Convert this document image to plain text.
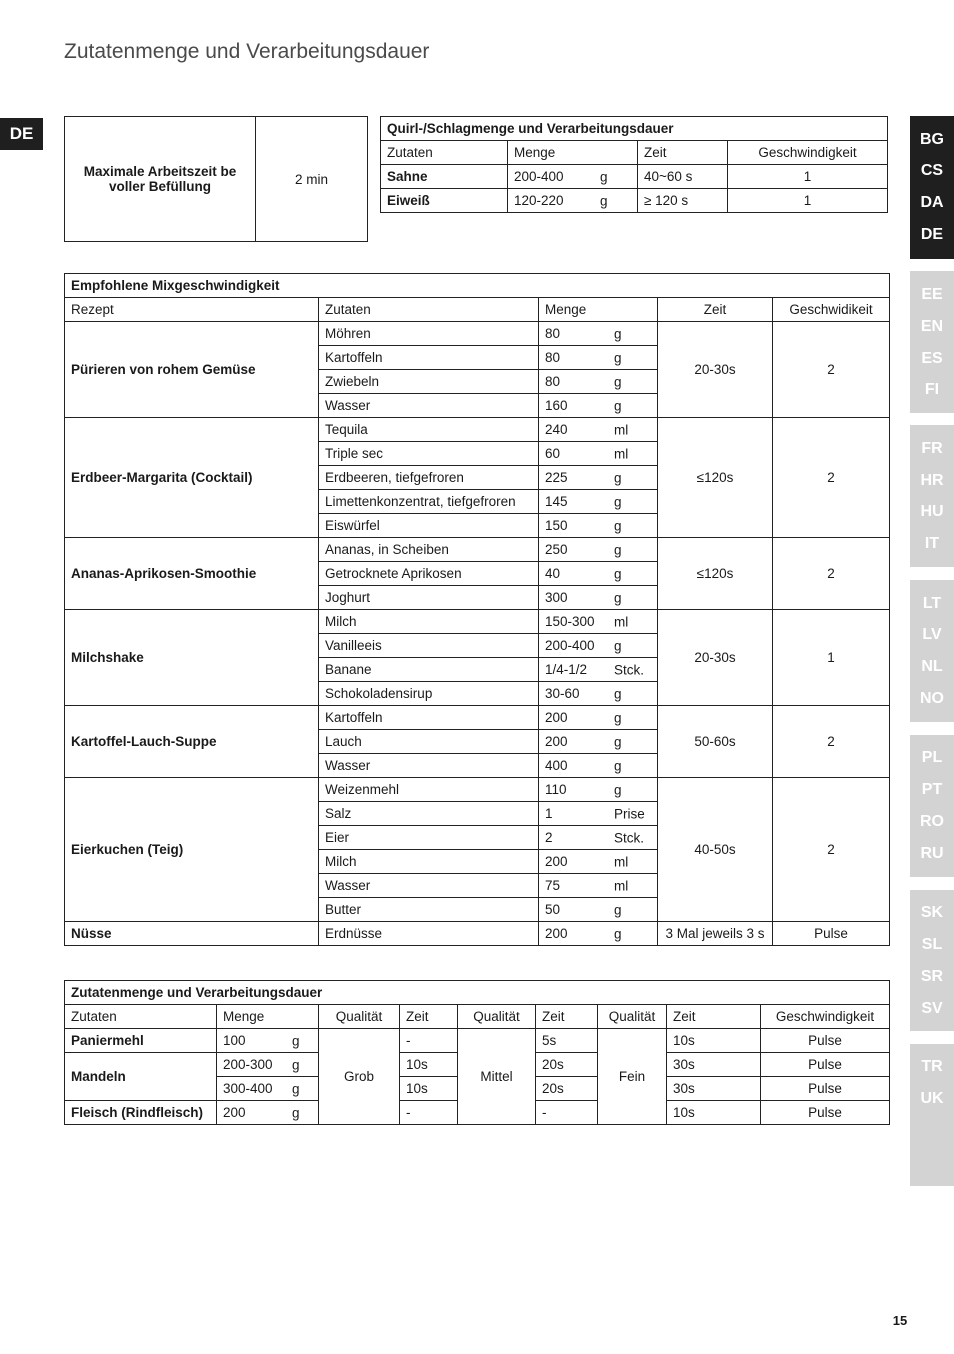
Zutatenmenge und Verarbeitungsdauer
DE
15
BG
CS
DA
DE
EE
EN
ES
FI
FR
HR
HU
IT
LT
LV
NL
NO
PL
PT
RO
RU
SK
SL
SR
SV
TR
UK
Maximale Arbeitszeit be voller Befüllung	2 min
Quirl-/Schlagmenge und Verarbeitungsdauer			
Zutaten	Menge	Zeit	Geschwindigkeit
Sahne	200-400 g	40~60 s	1
Eiweiß	120-220 g	≥ 120 s	1
Empfohlene Mixgeschwindigkeit				
Rezept	Zutaten	Menge	Zeit	Geschwidikeit
Pürieren von rohem Gemüse	Möhren	80 g	20-30s	2
	Kartoffeln	80 g		

	Zwiebeln	80 g		

	Wasser	160 g		

Erdbeer-Margarita (Cocktail)	Tequila	240 ml	≤120s	2
	Triple sec	60 ml		

	Erdbeeren, tiefgefroren	225 g		

	Limettenkonzentrat, tiefgefroren	145 g		

	Eiswürfel	150 g		

Ananas-Aprikosen-Smoothie	Ananas, in Scheiben	250 g	≤120s	2
	Getrocknete Aprikosen	40 g		

	Joghurt	300 g		

Milchshake	Milch	150-300 ml	20-30s	1
	Vanilleeis	200-400 g		

	Banane	1/4-1/2 Stck.		

	Schokoladensirup	30-60 g		

Kartoffel-Lauch-Suppe	Kartoffeln	200 g	50-60s	2
	Lauch	200 g		

	Wasser	400 g		

Eierkuchen (Teig)	Weizenmehl	110 g	40-50s	2
	Salz	1 Prise		

	Eier	2 Stck.		

	Milch	200 ml		

	Wasser	75 ml		

	Butter	50 g		

Nüsse	Erdnüsse	200 g	3 Mal jeweils 3 s	Pulse
Zutatenmenge und Verarbeitungsdauer								
Zutaten	Menge	Qualität	Zeit	Qualität	Zeit	Qualität	Zeit	Geschwindigkeit
Paniermehl	100 g	Grob	-	Mittel	5s	Fein	10s	Pulse
Mandeln	200-300 g		10s		20s		30s	Pulse
	300-400 g		10s		20s		30s	Pulse
Fleisch (Rindfleisch)	200 g		-		-		10s	Pulse
